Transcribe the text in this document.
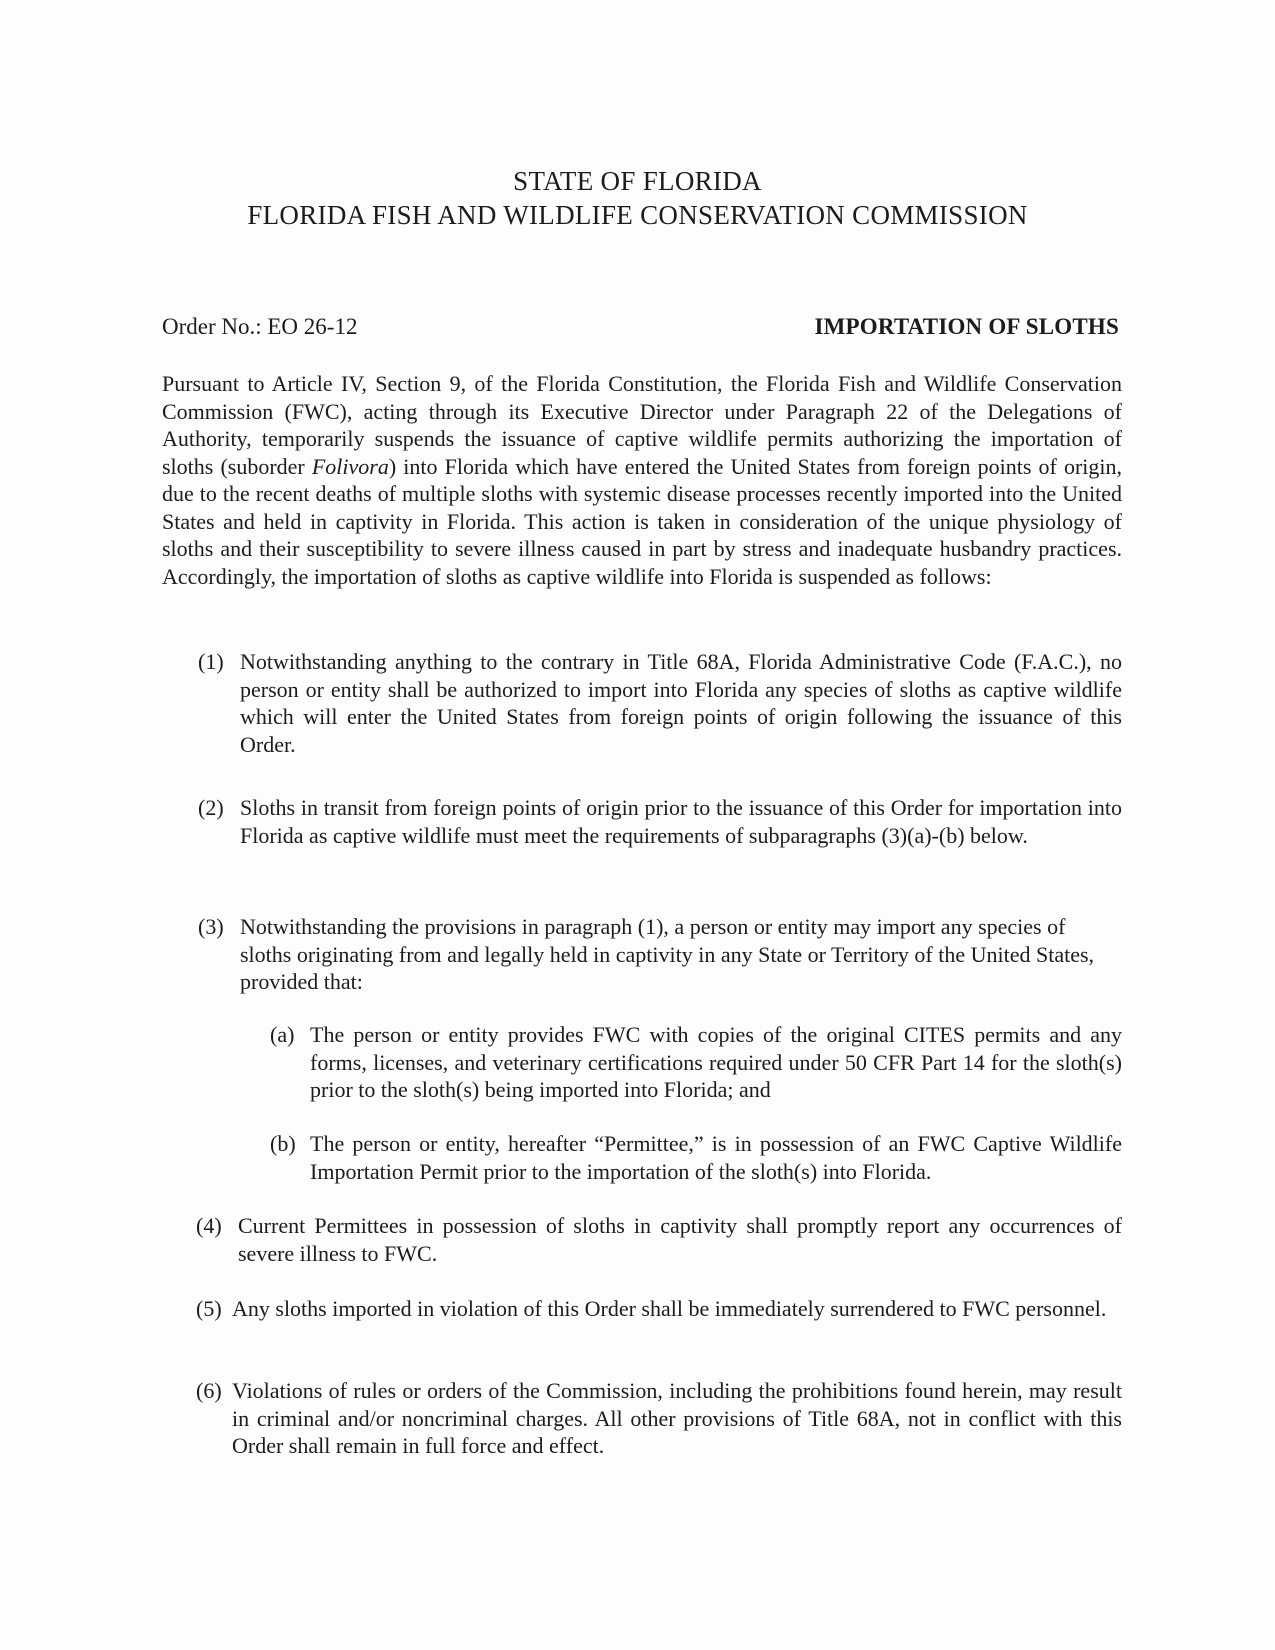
STATE OF FLORIDA
FLORIDA FISH AND WILDLIFE CONSERVATION COMMISSION
Order No.: EO 26-12	IMPORTATION OF SLOTHS
Pursuant to Article IV, Section 9, of the Florida Constitution, the Florida Fish and Wildlife Conservation Commission (FWC), acting through its Executive Director under Paragraph 22 of the Delegations of Authority, temporarily suspends the issuance of captive wildlife permits authorizing the importation of sloths (suborder Folivora) into Florida which have entered the United States from foreign points of origin, due to the recent deaths of multiple sloths with systemic disease processes recently imported into the United States and held in captivity in Florida. This action is taken in consideration of the unique physiology of sloths and their susceptibility to severe illness caused in part by stress and inadequate husbandry practices. Accordingly, the importation of sloths as captive wildlife into Florida is suspended as follows:
(1) Notwithstanding anything to the contrary in Title 68A, Florida Administrative Code (F.A.C.), no person or entity shall be authorized to import into Florida any species of sloths as captive wildlife which will enter the United States from foreign points of origin following the issuance of this Order.
(2) Sloths in transit from foreign points of origin prior to the issuance of this Order for importation into Florida as captive wildlife must meet the requirements of subparagraphs (3)(a)-(b) below.
(3) Notwithstanding the provisions in paragraph (1), a person or entity may import any species of sloths originating from and legally held in captivity in any State or Territory of the United States, provided that:
(a) The person or entity provides FWC with copies of the original CITES permits and any forms, licenses, and veterinary certifications required under 50 CFR Part 14 for the sloth(s) prior to the sloth(s) being imported into Florida; and
(b) The person or entity, hereafter “Permittee,” is in possession of an FWC Captive Wildlife Importation Permit prior to the importation of the sloth(s) into Florida.
(4) Current Permittees in possession of sloths in captivity shall promptly report any occurrences of severe illness to FWC.
(5) Any sloths imported in violation of this Order shall be immediately surrendered to FWC personnel.
(6) Violations of rules or orders of the Commission, including the prohibitions found herein, may result in criminal and/or noncriminal charges. All other provisions of Title 68A, not in conflict with this Order shall remain in full force and effect.
